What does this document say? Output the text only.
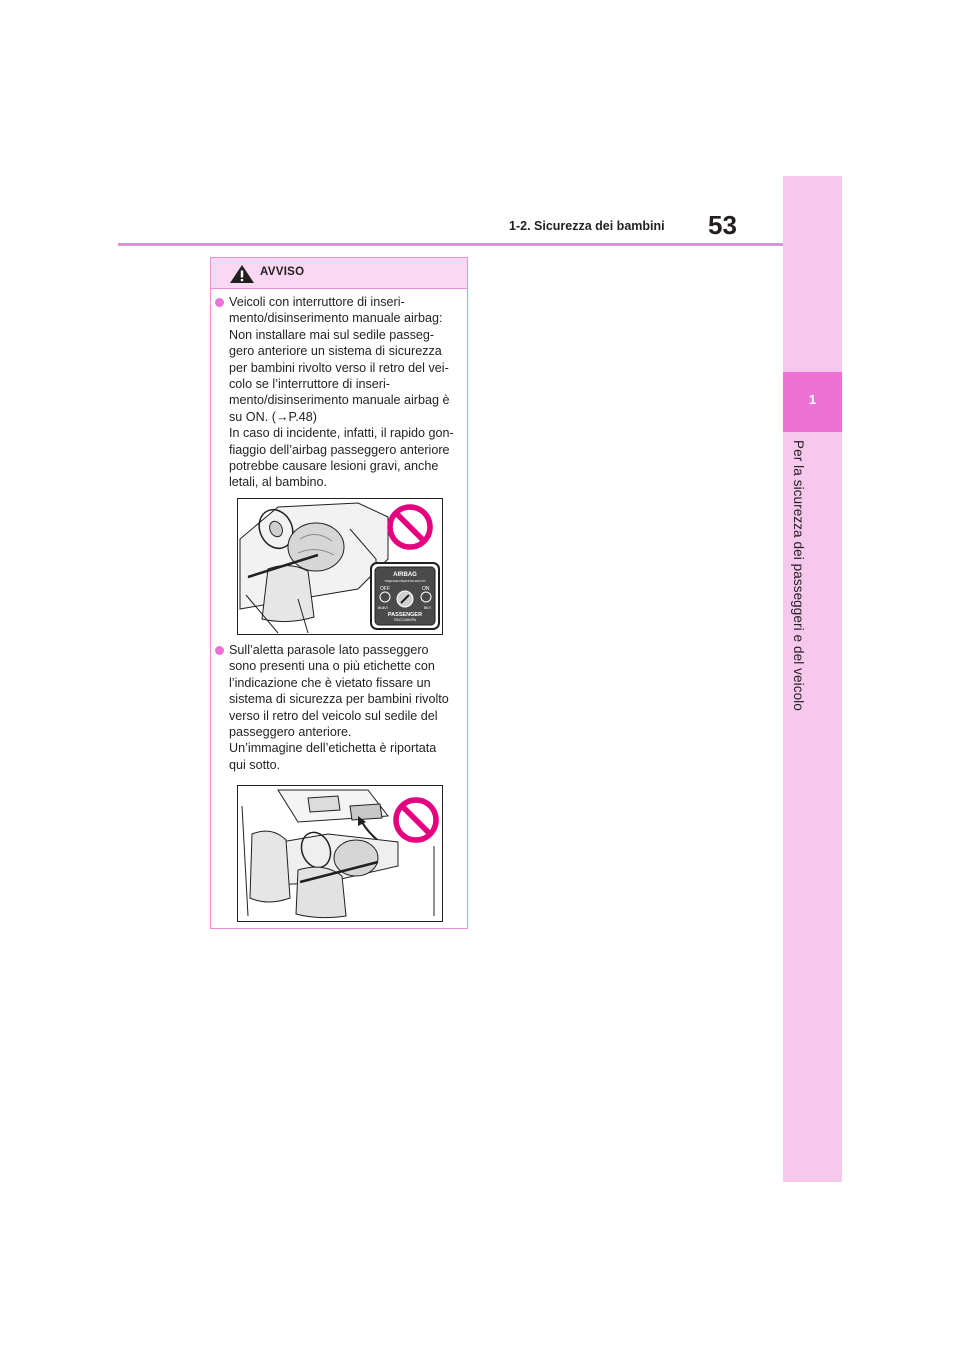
1
Per la sicurezza dei passeggeri e del veicolo
53
1-2. Sicurezza dei bambini
AVVISO
Veicoli con interruttore di inseri-
mento/disinserimento manuale airbag:
Non installare mai sul sedile passeg-
gero anteriore un sistema di sicurezza
per bambini rivolto verso il retro del vei-
colo se l’interruttore di inseri-
mento/disinserimento manuale airbag è
su ON. (→P.48)
In caso di incidente, infatti, il rapido gon-
fiaggio dell’airbag passeggero anteriore
potrebbe causare lesioni gravi, anche
letali, al bambino.
AIRBAG
ПОДУШКИ БЕЗОПАСНОСТИ
OFF	ON
ВЫКЛ	ВКЛ
PASSENGER
ПАССАЖИРА
Sull’aletta parasole lato passeggero
sono presenti una o più etichette con
l’indicazione che è vietato fissare un
sistema di sicurezza per bambini rivolto
verso il retro del veicolo sul sedile del
passeggero anteriore.
Un’immagine dell’etichetta è riportata
qui sotto.
